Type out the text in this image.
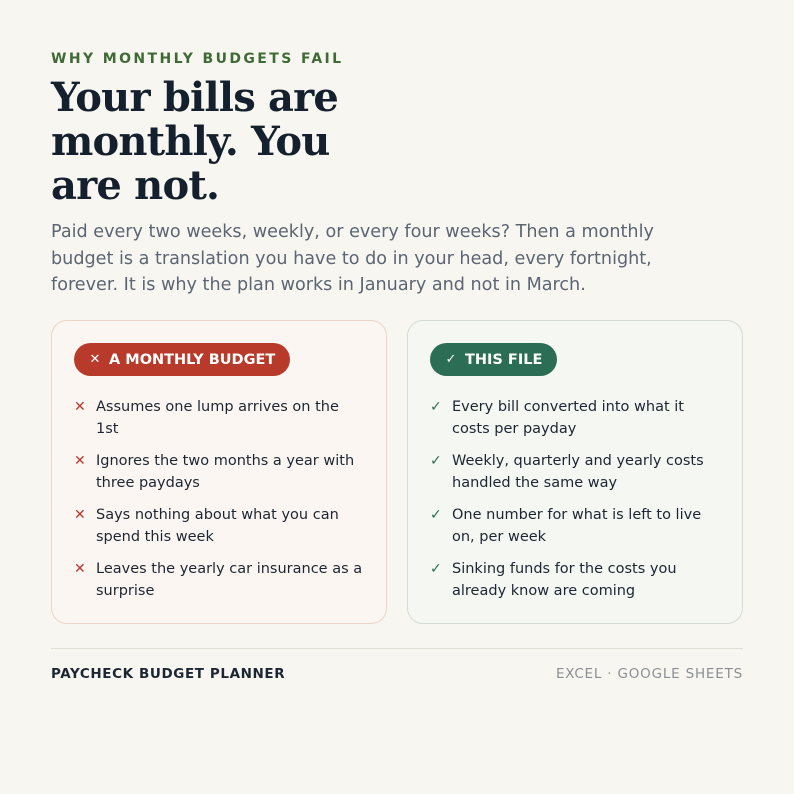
WHY MONTHLY BUDGETS FAIL
Your bills are monthly. You are not.

Paid every two weeks, weekly, or every four weeks? Then a monthly budget is a translation you have to do in your head, every fortnight, forever. It is why the plan works in January and not in March.

✕ A MONTHLY BUDGET
✕ Assumes one lump arrives on the 1st
✕ Ignores the two months a year with three paydays
✕ Says nothing about what you can spend this week
✕ Leaves the yearly car insurance as a surprise
✓ THIS FILE
✓ Every bill converted into what it costs per payday
✓ Weekly, quarterly and yearly costs handled the same way
✓ One number for what is left to live on, per week
✓ Sinking funds for the costs you already know are coming
PAYCHECK BUDGET PLANNER	EXCEL · GOOGLE SHEETS
